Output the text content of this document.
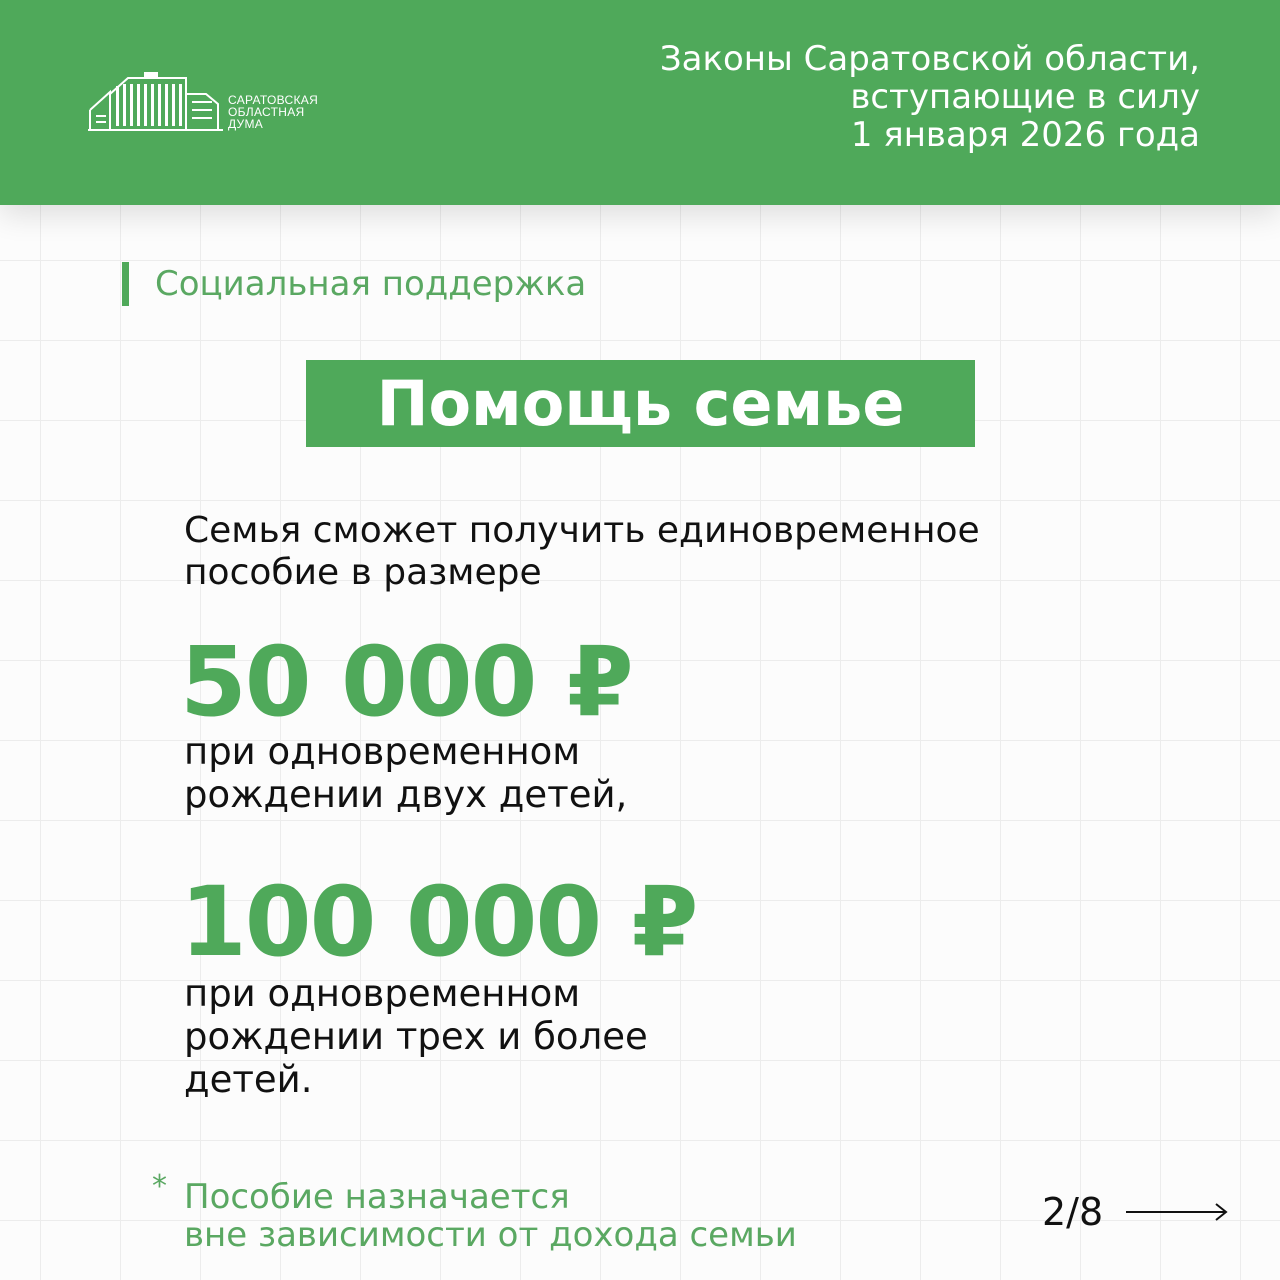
САРАТОВСКАЯ
ОБЛАСТНАЯ
ДУМА
Законы Саратовской области,
вступающие в силу
1 января 2026 года
Социальная поддержка
Помощь семье
Семья сможет получить единовременное
пособие в размере
50 000 ₽
при одновременном
рождении двух детей,
100 000 ₽
при одновременном
рождении трех и более
детей.
* Пособие назначается
вне зависимости от дохода семьи
2/8
